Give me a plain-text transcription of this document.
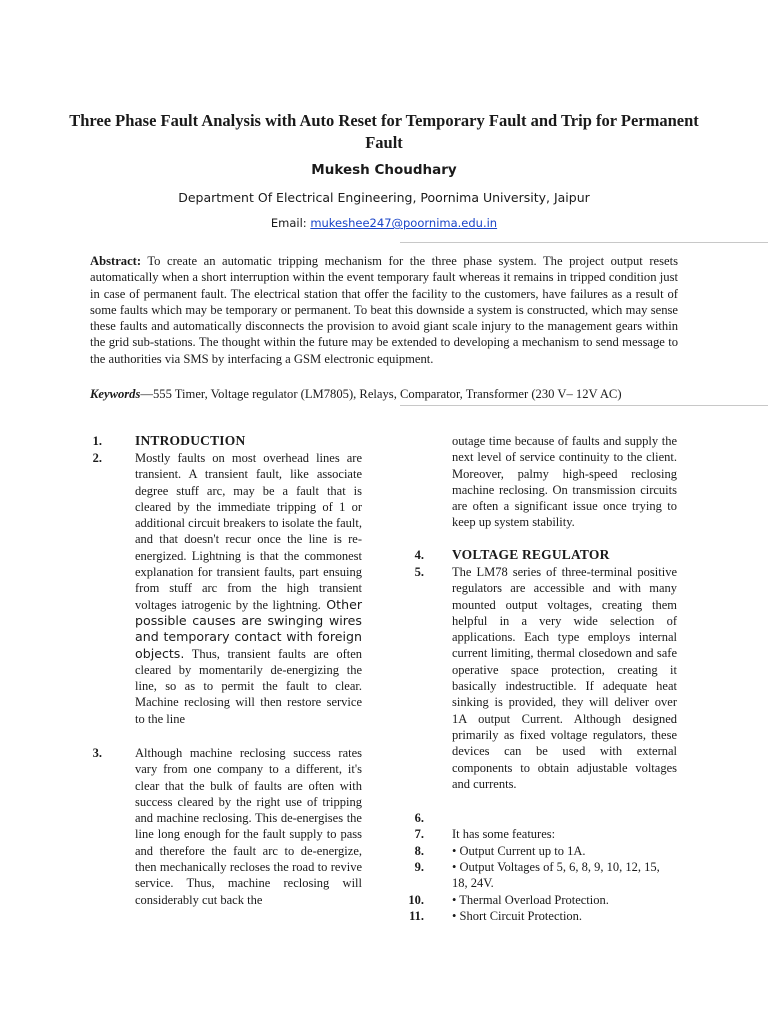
Three Phase Fault Analysis with Auto Reset for Temporary Fault and Trip for Permanent Fault
Mukesh Choudhary
Department Of Electrical Engineering, Poornima University, Jaipur
Email: mukeshee247@poornima.edu.in

Abstract: To create an automatic tripping mechanism for the three phase system. The project output resets automatically when a short interruption within the event temporary fault whereas it remains in tripped condition just in case of permanent fault. The electrical station that offer the facility to the customers, have failures as a result of some faults which may be temporary or permanent. To beat this downside a system is constructed, which may sense these faults and automatically disconnects the provision to avoid giant scale injury to the management gears within the grid sub-stations. The thought within the future may be extended to developing a mechanism to send message to the authorities via SMS by interfacing a GSM electronic equipment.

Keywords—555 Timer, Voltage regulator (LM7805), Relays, Comparator, Transformer (230 V– 12V AC)

1. INTRODUCTION
2.	Mostly faults on most overhead lines are transient. A transient fault, like associate degree stuff arc, may be a fault that is cleared by the immediate tripping of 1 or additional circuit breakers to isolate the fault, and that doesn't recur once the line is re-energized. Lightning is that the commonest explanation for transient faults, part ensuing from stuff arc from the high transient voltages iatrogenic by the lightning. Other possible causes are swinging wires and temporary contact with foreign objects. Thus, transient faults are often cleared by momentarily de-energizing the line, so as to permit the fault to clear. Machine reclosing will then restore service to the line

3.	Although machine reclosing success rates vary from one company to a different, it's clear that the bulk of faults are often with success cleared by the right use of tripping and machine reclosing. This de-energises the line long enough for the fault supply to pass and therefore the fault arc to de-energize, then mechanically recloses the road to revive service. Thus, machine reclosing will considerably cut back the

outage time because of faults and supply the next level of service continuity to the client. Moreover, palmy high-speed reclosing machine reclosing. On transmission circuits are often a significant issue once trying to keep up system stability.

4. VOLTAGE REGULATOR
5. The LM78 series of three-terminal positive regulators are accessible and with many mounted output voltages, creating them helpful in a very wide selection of applications. Each type employs internal current limiting, thermal closedown and safe operative space protection, creating it basically indestructible. If adequate heat sinking is provided, they will deliver over 1A output Current. Although designed primarily as fixed voltage regulators, these devices can be used with external components to obtain adjustable voltages and currents.

6.
7. It has some features:

8. • Output Current up to 1A.

9. • Output Voltages of 5, 6, 8, 9, 10, 12, 15, 18, 24V.

10. • Thermal Overload Protection.

11. • Short Circuit Protection.
